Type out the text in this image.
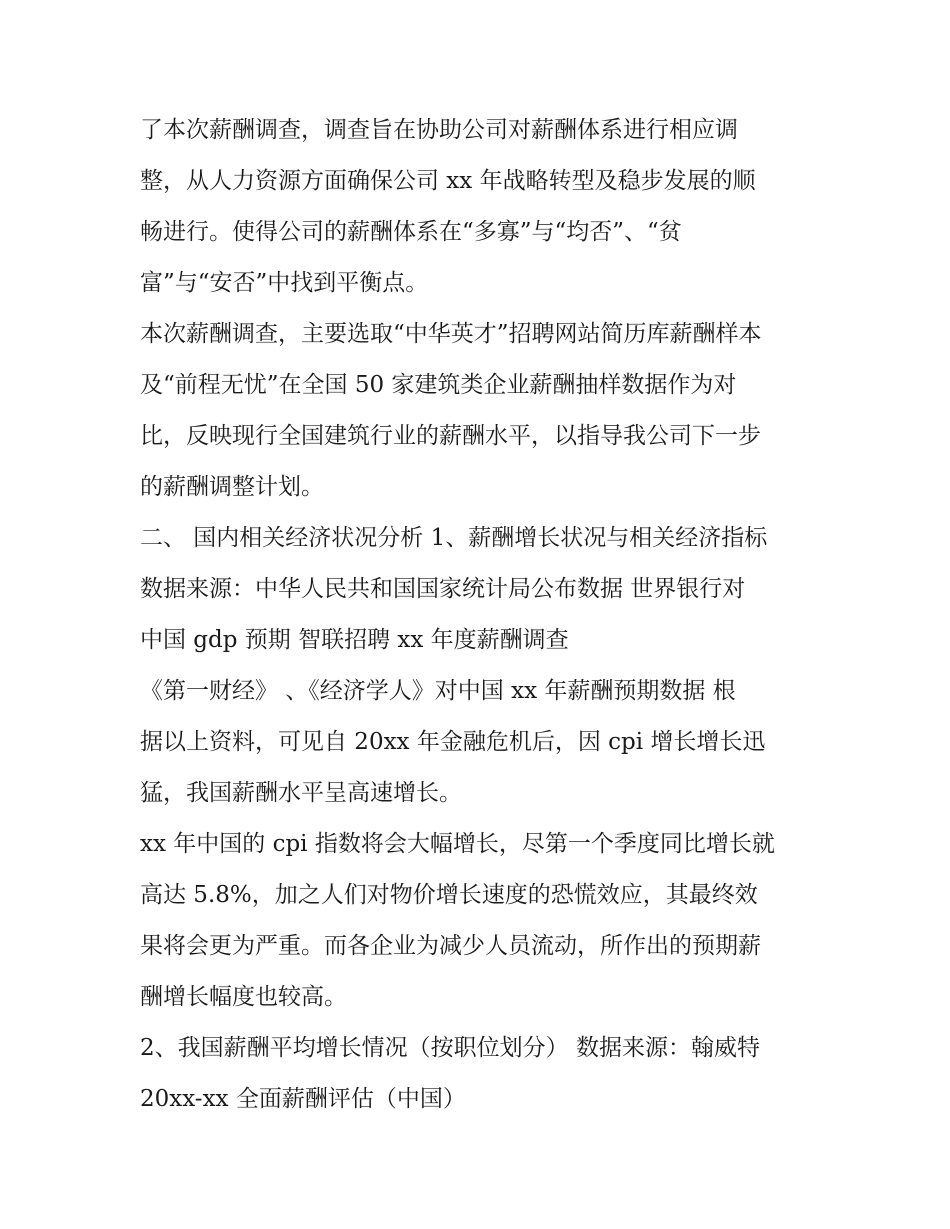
了本次薪酬调查，调查旨在协助公司对薪酬体系进行相应调
整，从人力资源方面确保公司 xx 年战略转型及稳步发展的顺
畅进行。使得公司的薪酬体系在“多寡”与“均否”、“贫
富”与“安否”中找到平衡点。
本次薪酬调查，主要选取“中华英才”招聘网站简历库薪酬样本
及“前程无忧”在全国 50 家建筑类企业薪酬抽样数据作为对
比，反映现行全国建筑行业的薪酬水平，以指导我公司下一步
的薪酬调整计划。
二、 国内相关经济状况分析 1、薪酬增长状况与相关经济指标
数据来源：中华人民共和国国家统计局公布数据 世界银行对
中国 gdp 预期 智联招聘 xx 年度薪酬调查
《第一财经》 、《经济学人》对中国 xx 年薪酬预期数据 根
据以上资料，可见自 20xx 年金融危机后，因 cpi 增长增长迅
猛，我国薪酬水平呈高速增长。
xx 年中国的 cpi 指数将会大幅增长，尽第一个季度同比增长就
高达 5.8%，加之人们对物价增长速度的恐慌效应，其最终效
果将会更为严重。而各企业为减少人员流动，所作出的预期薪
酬增长幅度也较高。
2、我国薪酬平均增长情况（按职位划分） 数据来源：翰威特
20xx-xx 全面薪酬评估（中国）
